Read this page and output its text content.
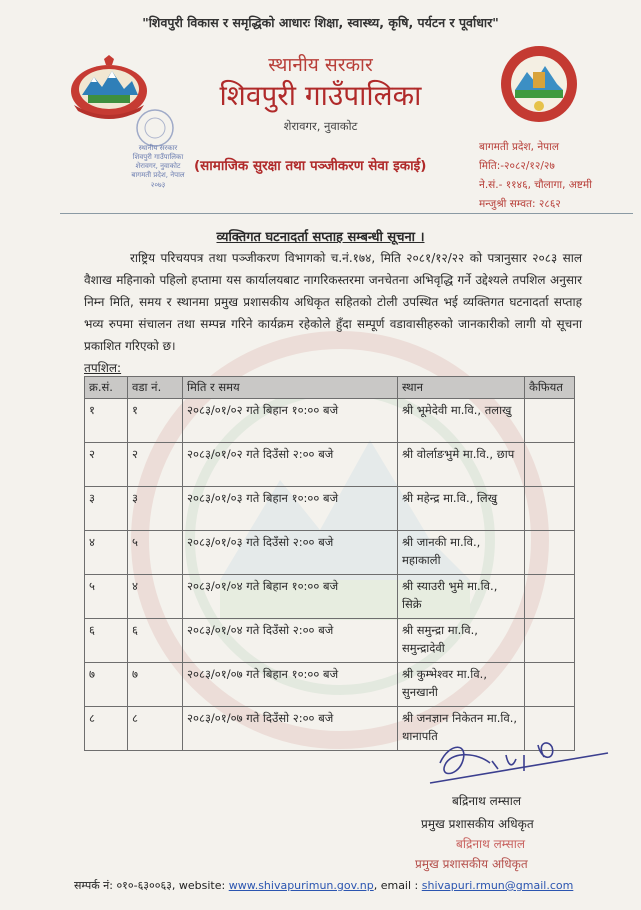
"शिवपुरी विकास र समृद्धिको आधारः शिक्षा, स्वास्थ्य, कृषि, पर्यटन र पूर्वाधार"
स्थानीय सरकार
शिवपुरी गाउँपालिका
शेरावगर, नुवाकोट
स्थानीय सरकार
शिवपुरी गाउँपालिका
शेरावगर, नुवाकोट
बागमती प्रदेश, नेपाल
२०७३
(सामाजिक सुरक्षा तथा पञ्जीकरण सेवा इकाई)
बागमती प्रदेश, नेपाल
मिति:-२०८२/१२/२७
ने.सं.- ११४६, चौलागा, अष्टमी
मन्जुश्री सम्वत: २८६२
व्यक्तिगत घटनादर्ता सप्ताह सम्बन्धी सूचना ।
राष्ट्रिय परिचयपत्र तथा पञ्जीकरण विभागको च.नं.१७४, मिति २०८१/१२/२२ को पत्रानुसार २०८३ साल वैशाख महिनाको पहिलो हप्तामा यस कार्यालयबाट नागरिकस्तरमा जनचेतना अभिवृद्धि गर्ने उद्देश्यले तपशिल अनुसार निम्न मिति, समय र स्थानमा प्रमुख प्रशासकीय अधिकृत सहितको टोली उपस्थित भई व्यक्तिगत घटनादर्ता सप्ताह भव्य रुपमा संचालन तथा सम्पन्न गरिने कार्यक्रम रहेकोले हुँदा सम्पूर्ण वडावासीहरुको जानकारीको लागी यो सूचना प्रकाशित गरिएको छ।
तपशिल:
क्र.सं.	वडा नं.	मिति र समय	स्थान	कैफियत
१	१	२०८३/०१/०२ गते बिहान १०:०० बजे	श्री भूमेदेवी मा.वि., तलाखु	
२	२	२०८३/०१/०२ गते दिउँसो २:०० बजे	श्री वोर्लाङभुमे मा.वि., छाप	
३	३	२०८३/०१/०३ गते बिहान १०:०० बजे	श्री महेन्द्र मा.वि., लिखु	
४	५	२०८३/०१/०३ गते दिउँसो २:०० बजे	श्री जानकी मा.वि., महाकाली	
५	४	२०८३/०१/०४ गते बिहान १०:०० बजे	श्री स्याउरी भुमे मा.वि., सिक्रे	
६	६	२०८३/०१/०४ गते दिउँसो २:०० बजे	श्री समुन्द्रा मा.वि., समुन्द्रादेवी	
७	७	२०८३/०१/०७ गते बिहान १०:०० बजे	श्री कुम्भेश्वर मा.वि., सुनखानी	
८	८	२०८३/०१/०७ गते दिउँसो २:०० बजे	श्री जनज्ञान निकेतन मा.वि., थानापति	
बद्रिनाथ लम्साल
प्रमुख प्रशासकीय अधिकृत
बद्रिनाथ लम्साल
प्रमुख प्रशासकीय अधिकृत
सम्पर्क नं: ०१०-६३००६३, website: www.shivapurimun.gov.np, email : shivapuri.rmun@gmail.com
